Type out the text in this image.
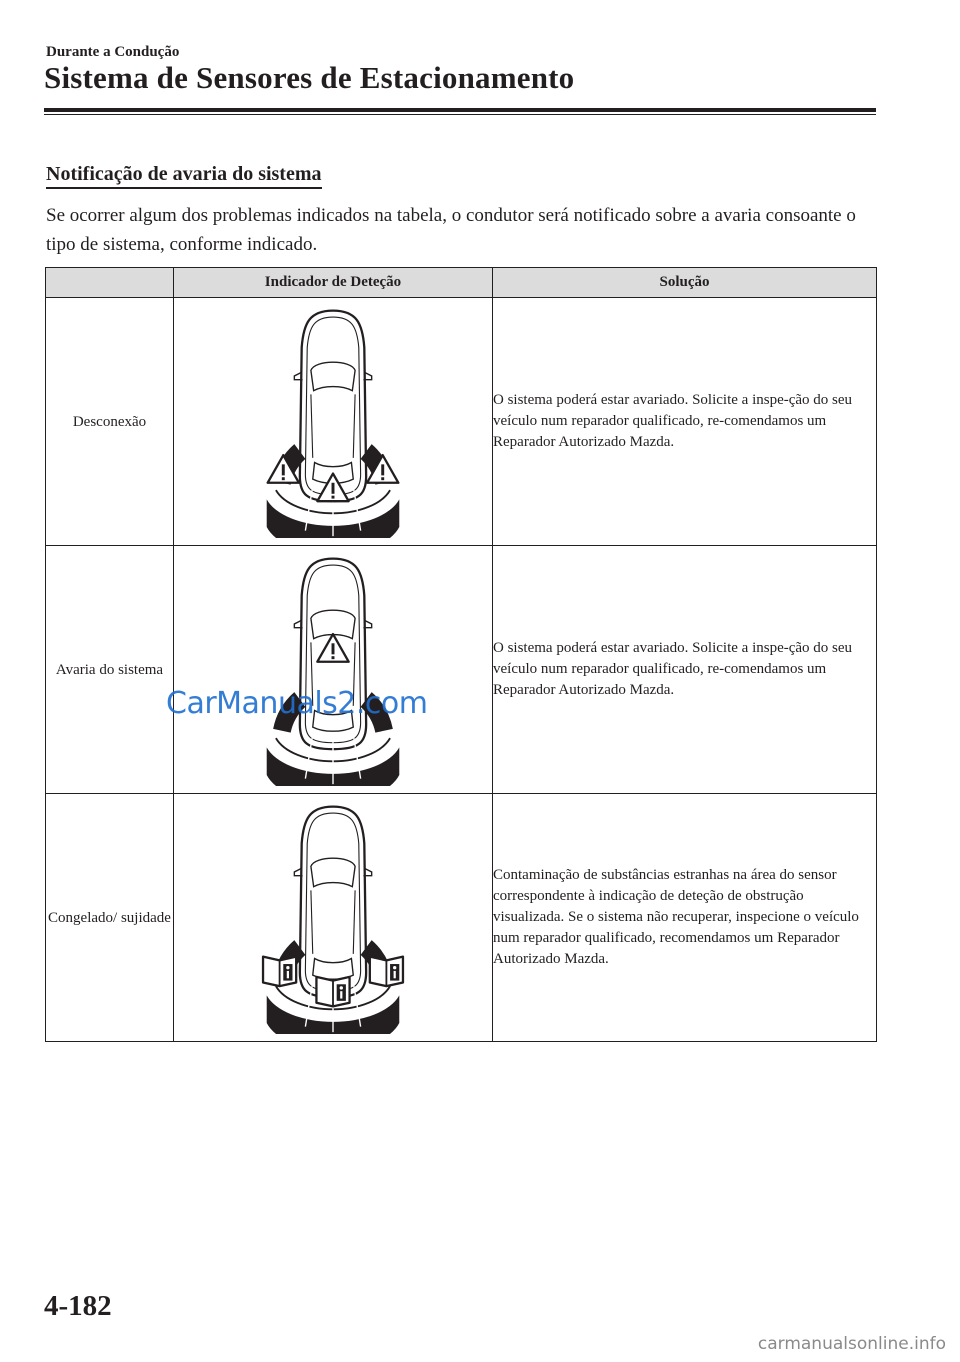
Durante a Condução
Sistema de Sensores de Estacionamento
Notificação de avaria do sistema
Se ocorrer algum dos problemas indicados na tabela, o condutor será notificado sobre a avaria consoante o tipo de sistema, conforme indicado.
	Indicador de Deteção	Solução
Desconexão		O sistema poderá estar avariado. Solicite a inspe-ção do seu veículo num reparador qualificado, re-comendamos um Reparador Autorizado Mazda.
Avaria do sistema		O sistema poderá estar avariado. Solicite a inspe-ção do seu veículo num reparador qualificado, re-comendamos um Reparador Autorizado Mazda.
Congelado/ sujidade		Contaminação de substâncias estranhas na área do sensor correspondente à indicação de deteção de obstrução visualizada. Se o sistema não recuperar, inspecione o veículo num reparador qualificado, recomendamos um Reparador Autorizado Mazda.
CarManuals2.com
4-182
carmanualsonline.info
